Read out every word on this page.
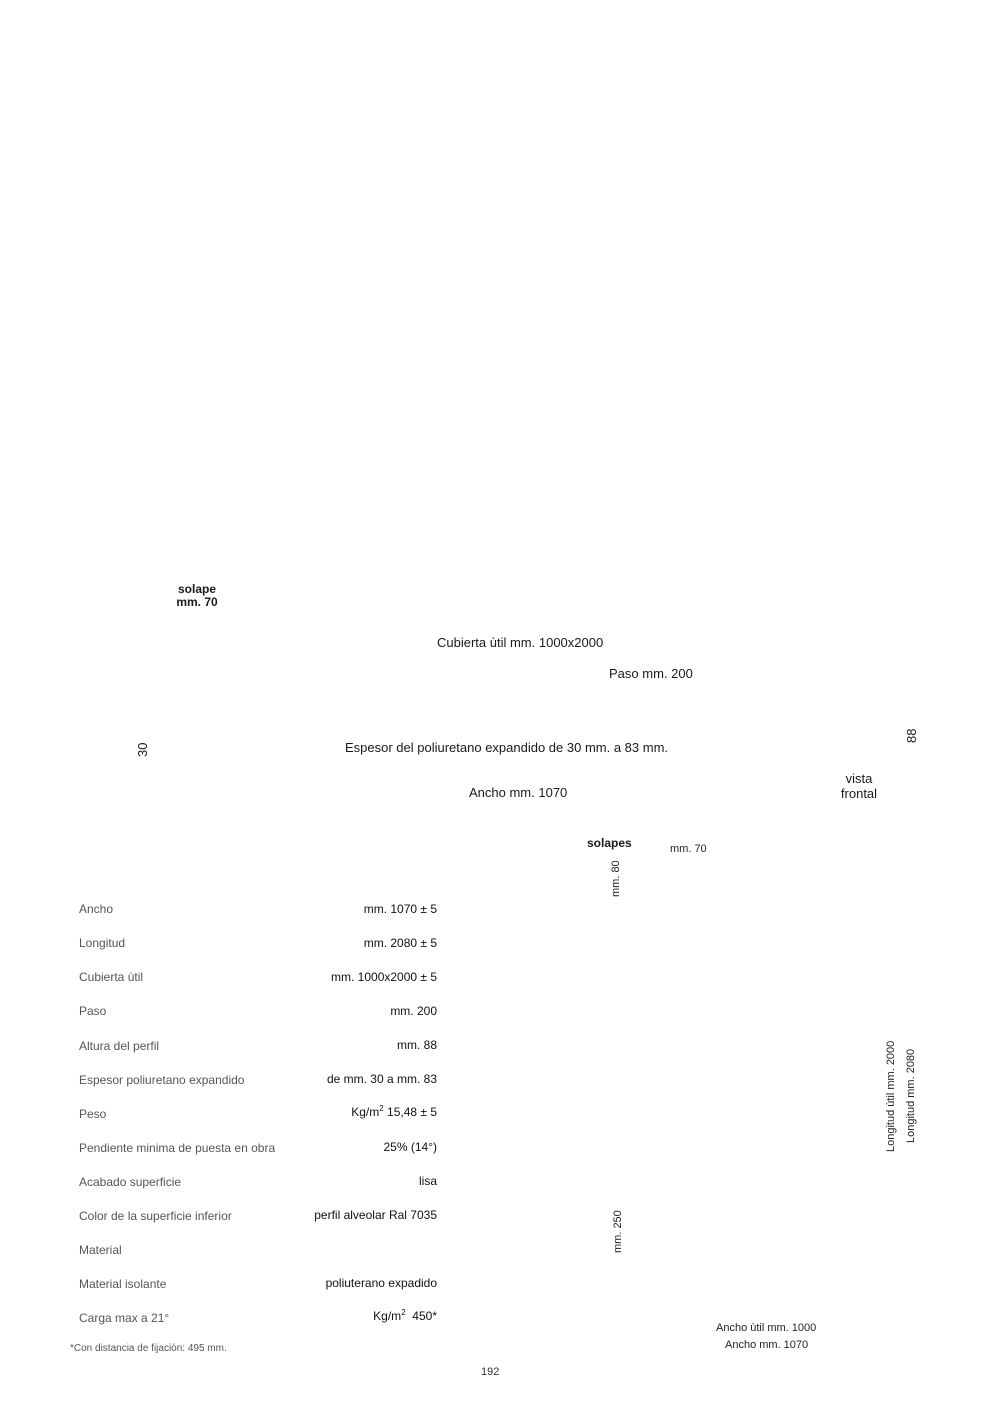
solape
mm. 70
Cubierta ùtil mm. 1000x2000
Paso mm. 200
30
88
Espesor del poliuretano expandido de 30 mm. a 83 mm.
Ancho mm. 1070
vista
frontal
solapes	mm. 70
mm. 80
mm. 250
Longitud ùtil mm. 2000 Longitud mm. 2080
Ancho ùtil mm. 1000
Ancho mm. 1070
Ancho	mm. 1070 ± 5
Longitud	mm. 2080 ± 5
Cubierta ùtil	mm. 1000x2000 ± 5
Paso	mm. 200
Altura del perfil	mm. 88
Espesor poliuretano expandido	de mm. 30 a mm. 83
Peso	$Kg/m^2$ 15,48 ± 5
Pendiente minima de puesta en obra	25% (14°)
Acabado superficie	lisa
Color de la superficie inferior	perfil alveolar Ral 7035
Material
Material isolante	poliuterano expadido
Carga max a 21°	$Kg/m^2$  450*
*Con distancia de fijación: 495 mm.
192
